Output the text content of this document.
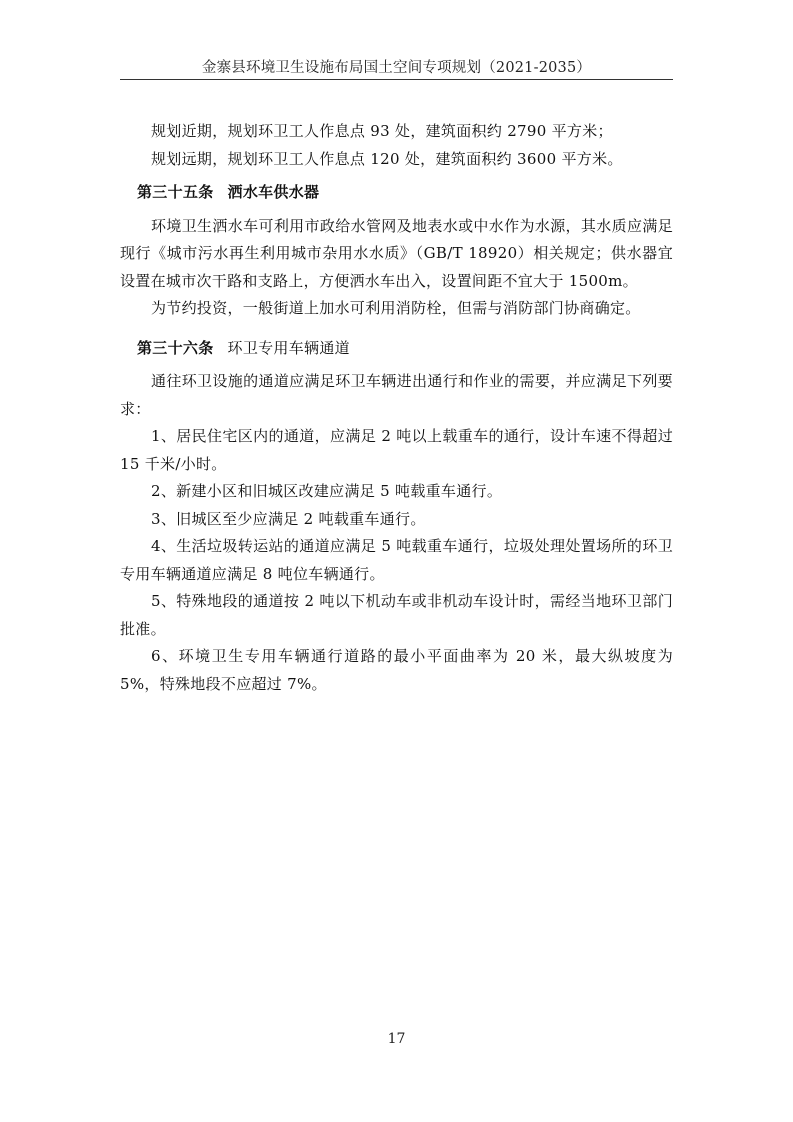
金寨县环境卫生设施布局国土空间专项规划（2021-2035）

规划近期，规划环卫工人作息点 93 处，建筑面积约 2790 平方米；

规划远期，规划环卫工人作息点 120 处，建筑面积约 3600 平方米。

第三十五条 洒水车供水器

环境卫生洒水车可利用市政给水管网及地表水或中水作为水源，其水质应满足现行《城市污水再生利用城市杂用水水质》（GB/T 18920）相关规定；供水器宜设置在城市次干路和支路上，方便洒水车出入，设置间距不宜大于 1500m。

为节约投资，一般街道上加水可利用消防栓，但需与消防部门协商确定。

第三十六条 环卫专用车辆通道

通往环卫设施的通道应满足环卫车辆进出通行和作业的需要，并应满足下列要求：

1、居民住宅区内的通道，应满足 2 吨以上载重车的通行，设计车速不得超过 15 千米/小时。

2、新建小区和旧城区改建应满足 5 吨载重车通行。

3、旧城区至少应满足 2 吨载重车通行。

4、生活垃圾转运站的通道应满足 5 吨载重车通行，垃圾处理处置场所的环卫专用车辆通道应满足 8 吨位车辆通行。

5、特殊地段的通道按 2 吨以下机动车或非机动车设计时，需经当地环卫部门批准。

6、环境卫生专用车辆通行道路的最小平面曲率为 20 米，最大纵坡度为 5%，特殊地段不应超过 7%。

17
